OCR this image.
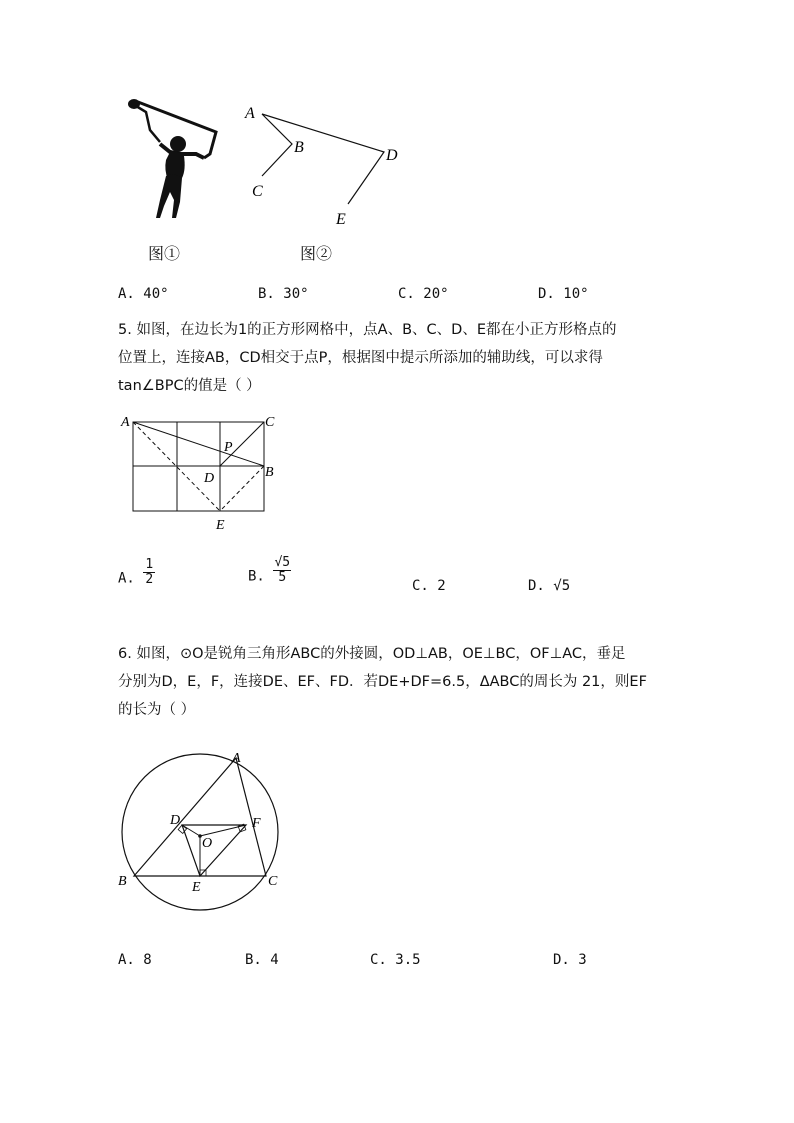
A
B
C
D
E
图①	图②
A. 40°	B. 30°	C. 20°	D. 10°
5. 如图，在边长为1的正方形网格中，点A、B、C、D、E都在小正方形格点的
位置上，连接AB，CD相交于点P，根据图中提示所添加的辅助线，可以求得
tan∠BPC的值是（ ）
A	C
P
D	B
E
A. $\frac{1}{2}$	B. $\frac{√5}{5}$
C. 2	D. √5
6. 如图，⊙O是锐角三角形ABC的外接圆，OD⊥AB，OE⊥BC，OF⊥AC，垂足
分别为D，E，F，连接DE、EF、FD．若DE+DF=6.5，ΔABC的周长为 21，则EF
的长为（ ）
A
B	C
D
E
F
O
A. 8	B. 4	C. 3.5	D. 3
